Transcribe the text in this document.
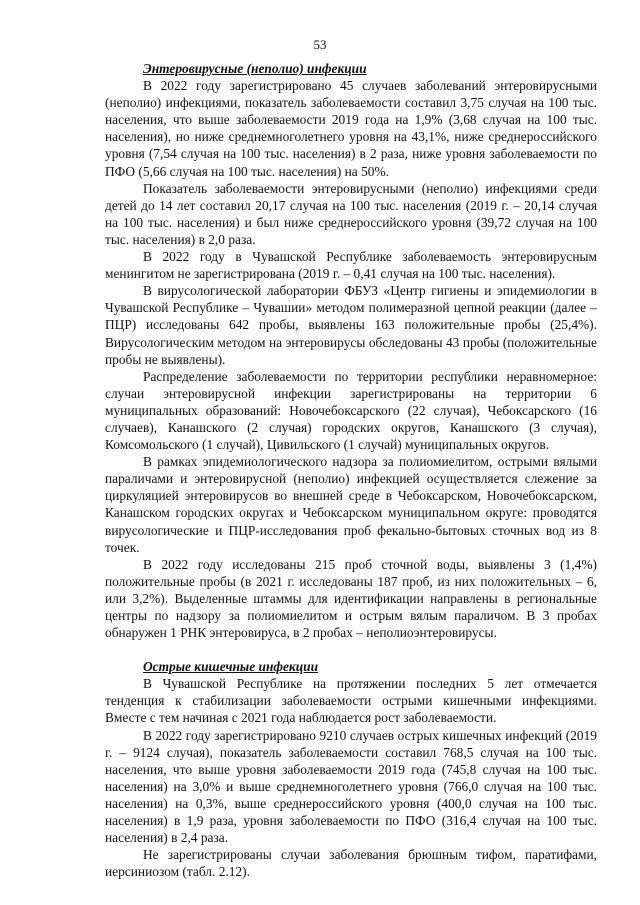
53

Энтеровирусные (неполио) инфекции

В 2022 году зарегистрировано 45 случаев заболеваний энтеровирусными (неполио) инфекциями, показатель заболеваемости составил 3,75 случая на 100 тыс. населения, что выше заболеваемости 2019 года на 1,9% (3,68 случая на 100 тыс. населения), но ниже среднемноголетнего уровня на 43,1%, ниже среднероссийского уровня (7,54 случая на 100 тыс. населения) в 2 раза, ниже уровня заболеваемости по ПФО (5,66 случая на 100 тыс. населения) на 50%.

Показатель заболеваемости энтеровирусными (неполио) инфекциями среди детей до 14 лет составил 20,17 случая на 100 тыс. населения (2019 г. – 20,14 случая на 100 тыс. населения) и был ниже среднероссийского уровня (39,72 случая на 100 тыс. населения) в 2,0 раза.

В 2022 году в Чувашской Республике заболеваемость энтеровирусным менингитом не зарегистрирована (2019 г. – 0,41 случая на 100 тыс. населения).

В вирусологической лаборатории ФБУЗ «Центр гигиены и эпидемиологии в Чувашской Республике – Чувашии» методом полимеразной цепной реакции (далее – ПЦР) исследованы 642 пробы, выявлены 163 положительные пробы (25,4%). Вирусологическим методом на энтеровирусы обследованы 43 пробы (положительные пробы не выявлены).

Распределение заболеваемости по территории республики неравномерное: случаи энтеровирусной инфекции зарегистрированы на территории 6 муниципальных образований: Новочебоксарского (22 случая), Чебоксарского (16 случаев), Канашского (2 случая) городских округов, Канашского (3 случая), Комсомольского (1 случай), Цивильского (1 случай) муниципальных округов.

В рамках эпидемиологического надзора за полиомиелитом, острыми вялыми параличами и энтеровирусной (неполио) инфекцией осуществляется слежение за циркуляцией энтеровирусов во внешней среде в Чебоксарском, Новочебоксарском, Канашском городских округах и Чебоксарском муниципальном округе: проводятся вирусологические и ПЦР-исследования проб фекально-бытовых сточных вод из 8 точек.

В 2022 году исследованы 215 проб сточной воды, выявлены 3 (1,4%) положительные пробы (в 2021 г. исследованы 187 проб, из них положительных – 6, или 3,2%). Выделенные штаммы для идентификации направлены в региональные центры по надзору за полиомиелитом и острым вялым параличом. В 3 пробах обнаружен 1 РНК энтеровируса, в 2 пробах – неполиоэнтеровирусы.

Острые кишечные инфекции

В Чувашской Республике на протяжении последних 5 лет отмечается тенденция к стабилизации заболеваемости острыми кишечными инфекциями. Вместе с тем начиная с 2021 года наблюдается рост заболеваемости.

В 2022 году зарегистрировано 9210 случаев острых кишечных инфекций (2019 г. – 9124 случая), показатель заболеваемости составил 768,5 случая на 100 тыс. населения, что выше уровня заболеваемости 2019 года (745,8 случая на 100 тыс. населения) на 3,0% и выше среднемноголетнего уровня (766,0 случая на 100 тыс. населения) на 0,3%, выше среднероссийского уровня (400,0 случая на 100 тыс. населения) в 1,9 раза, уровня заболеваемости по ПФО (316,4 случая на 100 тыс. населения) в 2,4 раза.

Не зарегистрированы случаи заболевания брюшным тифом, паратифами, иерсиниозом (табл. 2.12).
